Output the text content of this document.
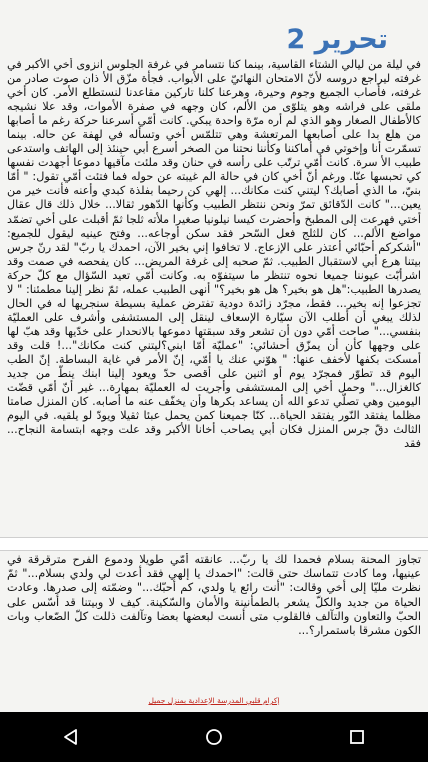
تحرير 2
في ليلة من ليالي الشتاء القاسية، بينما كنا نتسامر في غرفة الجلوس انزوى أخي الأكبر في غرفته ليراجع دروسه لأنّ الامتحان النهائيّ على الأبواب. فجأة مزّق الأ ذان صوت صادر من غرفته، فأصاب الجميع وجوم وحيرة، وهرعنا كلنا تاركين مقاعدنا لنستطلع الأمر. كان أخي ملقى على فراشه وهو يتلوّى من الألم، كان وجهه في صفرة الأموات، وقد علا نشيجه كالأطفال الصغار وهو الذي لم أره مرّة واحدة يبكي. كانت أمّي أسرعنا حركة رغم ما أصابها من هلع بدا على أصابعها المرتعشة وهي تتلمّس أخي وتسأله في لهفة عن حاله. بينما تسمّرت أنا وإخوتي في أماكننا وكأننا نحتنا من الصخر أسرع أبي حينئذ إلى الهاتف واستدعى طبيب الأ سرة. كانت أمّي ترتّب على رأسه في حنان وقد ملئت مآقيها دموعا أجهدت نفسها كي تحبسها عنّا. ورغم أنّ أخي كان في حالة الم غيبته عن حوله فما فتئت أمّي تقول: " أمّا بنيّ، ما الذي أصابك؟ ليتني كنت مكانك... إلهي كن رحيما بفلذة كبدي وأعنه فأنت خير من يعين..." كانت الدّقائق تمرّ ونحن ننتظر الطبيب وكأنها الدّهور ثقالا... خلال ذلك قال عقال أختي فهرعت إلى المطبخ وأحضرت كيسا نيلونيا صغيرا ملأته ثلجا ثمّ أقبلت على أخي تضمّد مواضع الألم... كان للثلج فعل السّحر فقد سكن أوجاعه... وفتح عينيه ليقول للجميع: "أشكركم أحبّائي أعتذر على الإزعاج. لا تخافوا إني بخير الآن، احمدك يا ربّ" لقد رنّ جرس بيتنا هرع أبي لاستقبال الطبيب. ثمّ صحبه إلى غرفة المريض... كان يفحصه في صمت وقد اشرأبّت عيوننا جميعا نحوه تنتظر ما سيتفوّه به. وكانت أمّي تعيد السّؤال مع كلّ حركة يصدرها الطبيب:"هل هو بخير؟ هل هو بخير؟" أنهى الطبيب عمله، ثمّ نظر إلينا مطمئنا: " لا تجزعوا إنه بخير... فقط، مجرّد زائدة دودية تفترض عملية بسيطة سنجريها له في الحال لذلك يبغي أن أطلب الآن سيّارة الإسعاف لينقل إلى المستشفى وأشرف على العمليّة بنفسي..." صاحت أمّي دون أن تشعر وقد سبقتها دموعها بالانحدار على خدّيها وقد هبّ لها على وجهها كأن أن يمزّق أحشائي: "عمليّة أمّا ابني؟ليتني كنت مكانك"...! قلت وقد أمسكت بكفها لأخفف عنها: " هوّني عنك يا أمّي، إنّ الأمر في غاية البساطة. إنّ الطب اليوم قد تطوّر فمجرّد يوم أو اثنين على أقصى حدّ ويعود إلينا ابنك ينطّ من جديد كالغزال..." وحمل أخي إلى المستشفى وأجريت له العمليّة بمهارة... غير أنّ أمّي قضّت اليومين وهي تصلّي تدعو الله أن يساعد بكرها وأن يخفّف عنه ما أصابه. كان المنزل صامتا مظلما يفتقد النّور يفتقد الحياة... كنّا جميعنا كمن يحمل عبئا ثقيلا ويودّ لو يلقيه. في اليوم الثالث دقّ جرس المنزل فكان أبي يصاحب أخانا الأكبر وقد علت وجهه ابتسامة النجاح... فقد
تجاوز المحنة بسلام فحمدا لك يا ربّ... عانقته أمّي طويلا ودموع الفرح مترقرقة في عينيها، وما كادت تتماسك حتى قالت: "احمدك يا إلهي فقد أعدت لي ولدي بسلام..." ثمّ نظرت مليّا إلى أخي وقالت: "أنت رائع يا ولدي، كم أحبّك..." وضمّته إلى صدرها. وعادت الحياة من جديد والكلّ يشعر بالطمأنينة والأمان والسّكينة. كيف لا وبيتنا قد أسّس على الحبّ والتعاون والتآلف فالقلوب متى أنست لبعضها بعضا وتآلفت ذللت كلّ الصّعاب وبات الكون مشرقا باستمرار؟...
إكرام قلبي المدرسة الإعدادية بمنزل جميل
